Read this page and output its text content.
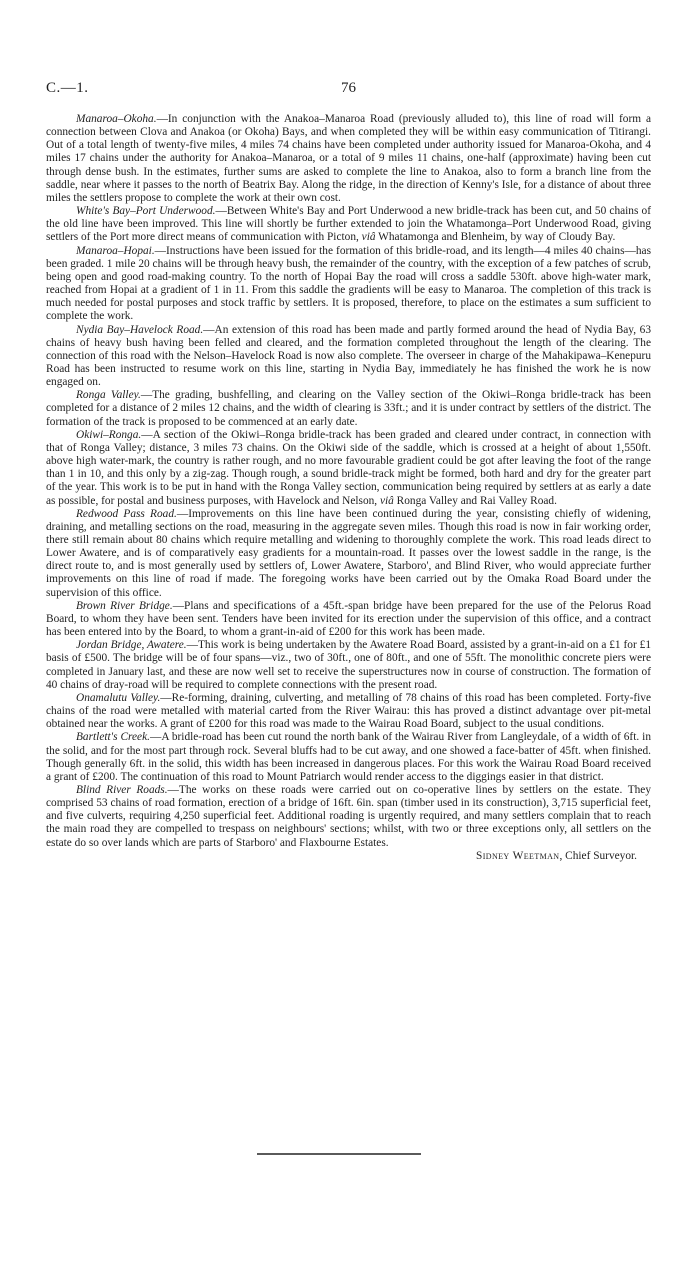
C.—1.	76

Manaroa–Okoha.—In conjunction with the Anakoa–Manaroa Road (previously alluded to), this line of road will form a connection between Clova and Anakoa (or Okoha) Bays, and when completed they will be within easy communication of Titirangi. Out of a total length of twenty-five miles, 4 miles 74 chains have been completed under authority issued for Manaroa-Okoha, and 4 miles 17 chains under the authority for Anakoa–Manaroa, or a total of 9 miles 11 chains, one-half (approximate) having been cut through dense bush. In the estimates, further sums are asked to complete the line to Anakoa, also to form a branch line from the saddle, near where it passes to the north of Beatrix Bay. Along the ridge, in the direction of Kenny's Isle, for a distance of about three miles the settlers propose to complete the work at their own cost.

White's Bay–Port Underwood.—Between White's Bay and Port Underwood a new bridle-track has been cut, and 50 chains of the old line have been improved. This line will shortly be further extended to join the Whatamonga–Port Underwood Road, giving settlers of the Port more direct means of communication with Picton, viâ Whatamonga and Blenheim, by way of Cloudy Bay.

Manaroa–Hopai.—Instructions have been issued for the formation of this bridle-road, and its length—4 miles 40 chains—has been graded. 1 mile 20 chains will be through heavy bush, the remainder of the country, with the exception of a few patches of scrub, being open and good road-making country. To the north of Hopai Bay the road will cross a saddle 530ft. above high-water mark, reached from Hopai at a gradient of 1 in 11. From this saddle the gradients will be easy to Manaroa. The completion of this track is much needed for postal purposes and stock traffic by settlers. It is proposed, therefore, to place on the estimates a sum sufficient to complete the work.

Nydia Bay–Havelock Road.—An extension of this road has been made and partly formed around the head of Nydia Bay, 63 chains of heavy bush having been felled and cleared, and the formation completed throughout the length of the clearing. The connection of this road with the Nelson–Havelock Road is now also complete. The overseer in charge of the Mahakipawa–Keneрuru Road has been instructed to resume work on this line, starting in Nydia Bay, immediately he has finished the work he is now engaged on.

Ronga Valley.—The grading, bushfelling, and clearing on the Valley section of the Okiwi–Ronga bridle-track has been completed for a distance of 2 miles 12 chains, and the width of clearing is 33ft.; and it is under contract by settlers of the district. The formation of the track is proposed to be commenced at an early date.

Okiwi–Ronga.—A section of the Okiwi–Ronga bridle-track has been graded and cleared under contract, in connection with that of Ronga Valley; distance, 3 miles 73 chains. On the Okiwi side of the saddle, which is crossed at a height of about 1,550ft. above high water-mark, the country is rather rough, and no more favourable gradient could be got after leaving the foot of the range than 1 in 10, and this only by a zig-zag. Though rough, a sound bridle-track might be formed, both hard and dry for the greater part of the year. This work is to be put in hand with the Ronga Valley section, communication being required by settlers at as early a date as possible, for postal and business purposes, with Havelock and Nelson, viâ Ronga Valley and Rai Valley Road.

Redwood Pass Road.—Improvements on this line have been continued during the year, consisting chiefly of widening, draining, and metalling sections on the road, measuring in the aggregate seven miles. Though this road is now in fair working order, there still remain about 80 chains which require metalling and widening to thoroughly complete the work. This road leads direct to Lower Awatere, and is of comparatively easy gradients for a mountain-road. It passes over the lowest saddle in the range, is the direct route to, and is most generally used by settlers of, Lower Awatere, Starboro', and Blind River, who would appreciate further improvements on this line of road if made. The foregoing works have been carried out by the Omaka Road Board under the supervision of this office.

Brown River Bridge.—Plans and specifications of a 45ft.-span bridge have been prepared for the use of the Pelorus Road Board, to whom they have been sent. Tenders have been invited for its erection under the supervision of this office, and a contract has been entered into by the Board, to whom a grant-in-aid of £200 for this work has been made.

Jordan Bridge, Awatere.—This work is being undertaken by the Awatere Road Board, assisted by a grant-in-aid on a £1 for £1 basis of £500. The bridge will be of four spans—viz., two of 30ft., one of 80ft., and one of 55ft. The monolithic concrete piers were completed in January last, and these are now well set to receive the superstructures now in course of construction. The formation of 40 chains of dray-road will be required to complete connections with the present road.

Onamalutu Valley.—Re-forming, draining, culverting, and metalling of 78 chains of this road has been completed. Forty-five chains of the road were metalled with material carted from the River Wairau: this has proved a distinct advantage over pit-metal obtained near the works. A grant of £200 for this road was made to the Wairau Road Board, subject to the usual conditions.

Bartlett's Creek.—A bridle-road has been cut round the north bank of the Wairau River from Langleydale, of a width of 6ft. in the solid, and for the most part through rock. Several bluffs had to be cut away, and one showed a face-batter of 45ft. when finished. Though generally 6ft. in the solid, this width has been increased in dangerous places. For this work the Wairau Road Board received a grant of £200. The continuation of this road to Mount Patriarch would render access to the diggings easier in that district.

Blind River Roads.—The works on these roads were carried out on co-operative lines by settlers on the estate. They comprised 53 chains of road formation, erection of a bridge of 16ft. 6in. span (timber used in its construction), 3,715 superficial feet, and five culverts, requiring 4,250 superficial feet. Additional roading is urgently required, and many settlers complain that to reach the main road they are compelled to trespass on neighbours' sections; whilst, with two or three exceptions only, all settlers on the estate do so over lands which are parts of Starboro' and Flaxbourne Estates.

Sidney Weetman, Chief Surveyor.
